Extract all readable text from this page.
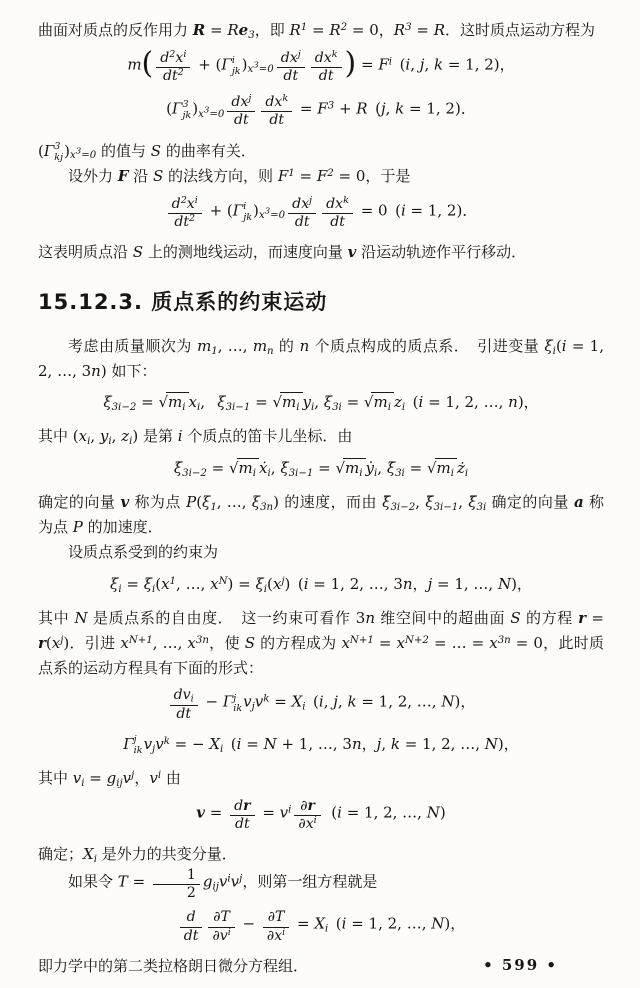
曲面对质点的反作用力 $R = Re_3$，即 $R^1 = R^2 = 0$，$R^3 = R$．这时质点运动方程为

$m( \frac{d^2x^i}{dt^2} + (\Gamma$ i
jk )$_{x^3=0} \frac{dx^j}{dt} \frac{dx^k}{dt}$ ) = $F^i$ (i, j, k = 1, 2)，
(Γ 3
jk )$_{x^3=0} \frac{dx^j}{dt} \frac{dx^k}{dt} = F^3 + R$ (j, k = 1, 2)．

(Γ 3
kj )$_{x^3=0}$ 的值与 S 的曲率有关．

设外力 F 沿 S 的法线方向，则 $F^1 = F^2 = 0$，于是

$\frac{d^2x^i}{dt^2} + (\Gamma$ i
jk )$_{x^3=0} \frac{dx^j}{dt} \frac{dx^k}{dt} = 0$ (i = 1, 2)．

这表明质点沿 S 上的测地线运动，而速度向量 v 沿运动轨迹作平行移动．

15.12.3. 质点系的约束运动

考虑由质量顺次为 $m_1$, …, $m_n$ 的 n 个质点构成的质点系． 引进变量 $\xi_i(i = 1$, 2, …, 3n) 如下：

$\xi_{3i-2} = √m_i$ $x_i$,  $\xi_{3i-1} = √m_i$ $y_i$, $\xi_{3i} = √m_i$ $z_i$ (i = 1, 2, …, n)，

其中 ($x_i$, $y_i$, $z_i$) 是第 i 个质点的笛卡儿坐标．由

$\xi̇_{3i-2} = √m_i$ ẋ$_i$, $\xi̇_{3i-1} = √m_i$ ẏ$_i$, $\xi̇_{3i} = √m_i$ $ż_i$

确定的向量 v 称为点 $P(\xi_1$, …, $\xi_{3n}$) 的速度，而由 $\xï_{3i-2}$, $\xï_{3i-1}$, $\xï_{3i}$ 确定的向量 a 称为点 P 的加速度．

设质点系受到的约束为

$\xi_i = \xi_i(x^1$, …, $x^N) = \xi_i(x^j)$ (i = 1, 2, …, 3n，j = 1, …, N)，

其中 N 是质点系的自由度． 这一约束可看作 3n 维空间中的超曲面 S 的方程 $r = r(x^j)$．引进 $x^{N+1}$, …, $x^{3n}$，使 S 的方程成为 $x^{N+1} = x^{N+2}$ = … = $x^{3n} = 0$，此时质点系的运动方程具有下面的形式：

$\frac{dv_i}{dt} - \Gamma$ j
ik $v_jv^k = X_i$ (i, j, k = 1, 2, …, N)，
Γ j
ik $v_jv^k$ = − $X_i$ (i = N + 1, …, 3n，j, k = 1, 2, …, N)，

其中 $v_i = g_{ij}v^j$，$v^i$ 由

$v = \frac{dr}{dt} = v^i \frac{\partial r}{\partial x^i}$  (i = 1, 2, …, N)

确定；$X_i$ 是外力的共变分量．

如果令 $T = \frac{1}{2} g_{ij}v^iv^j$，则第一组方程就是

$\frac{d}{dt} \frac{\partial T}{\partial v^i} - \frac{\partial T}{\partial x^i} = X_i$ (i = 1, 2, …, N)，

即力学中的第二类拉格朗日微分方程组．	• 599 •
